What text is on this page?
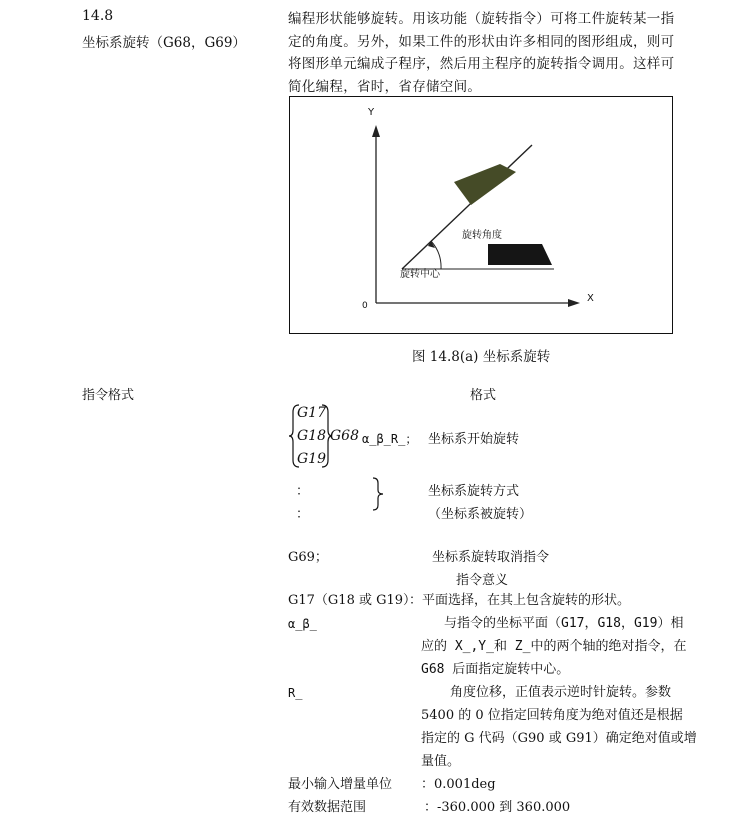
14.8
坐标系旋转（G68，G69）
编程形状能够旋转。用该功能（旋转指令）可将工件旋转某一指定的角度。另外，如果工件的形状由许多相同的图形组成，则可将图形单元编成子程序，然后用主程序的旋转指令调用。这样可简化编程，省时，省存储空间。
Y
X
0
旋转角度
旋转中心
图 14.8(a) 坐标系旋转
指令格式	格式
G17
G18
G19
G68 α_β_R_； 坐标系开始旋转
：
：
坐标系旋转方式
（坐标系被旋转）
G69；	坐标系旋转取消指令
指令意义
G17（G18 或 G19）
：平面选择，在其上包含旋转的形状。
α_β_	与指令的坐标平面（G17，G18，G19）相
应的 X_,Y_和 Z_中的两个轴的绝对指令，在
G68 后面指定旋转中心。
R_	角度位移，正值表示逆时针旋转。参数
5400 的 0 位指定回转角度为绝对值还是根据
指定的 G 代码（G90 或 G91）确定绝对值或增
量值。
最小输入增量单位 ：0.001deg
有效数据范围	：-360.000 到 360.000
